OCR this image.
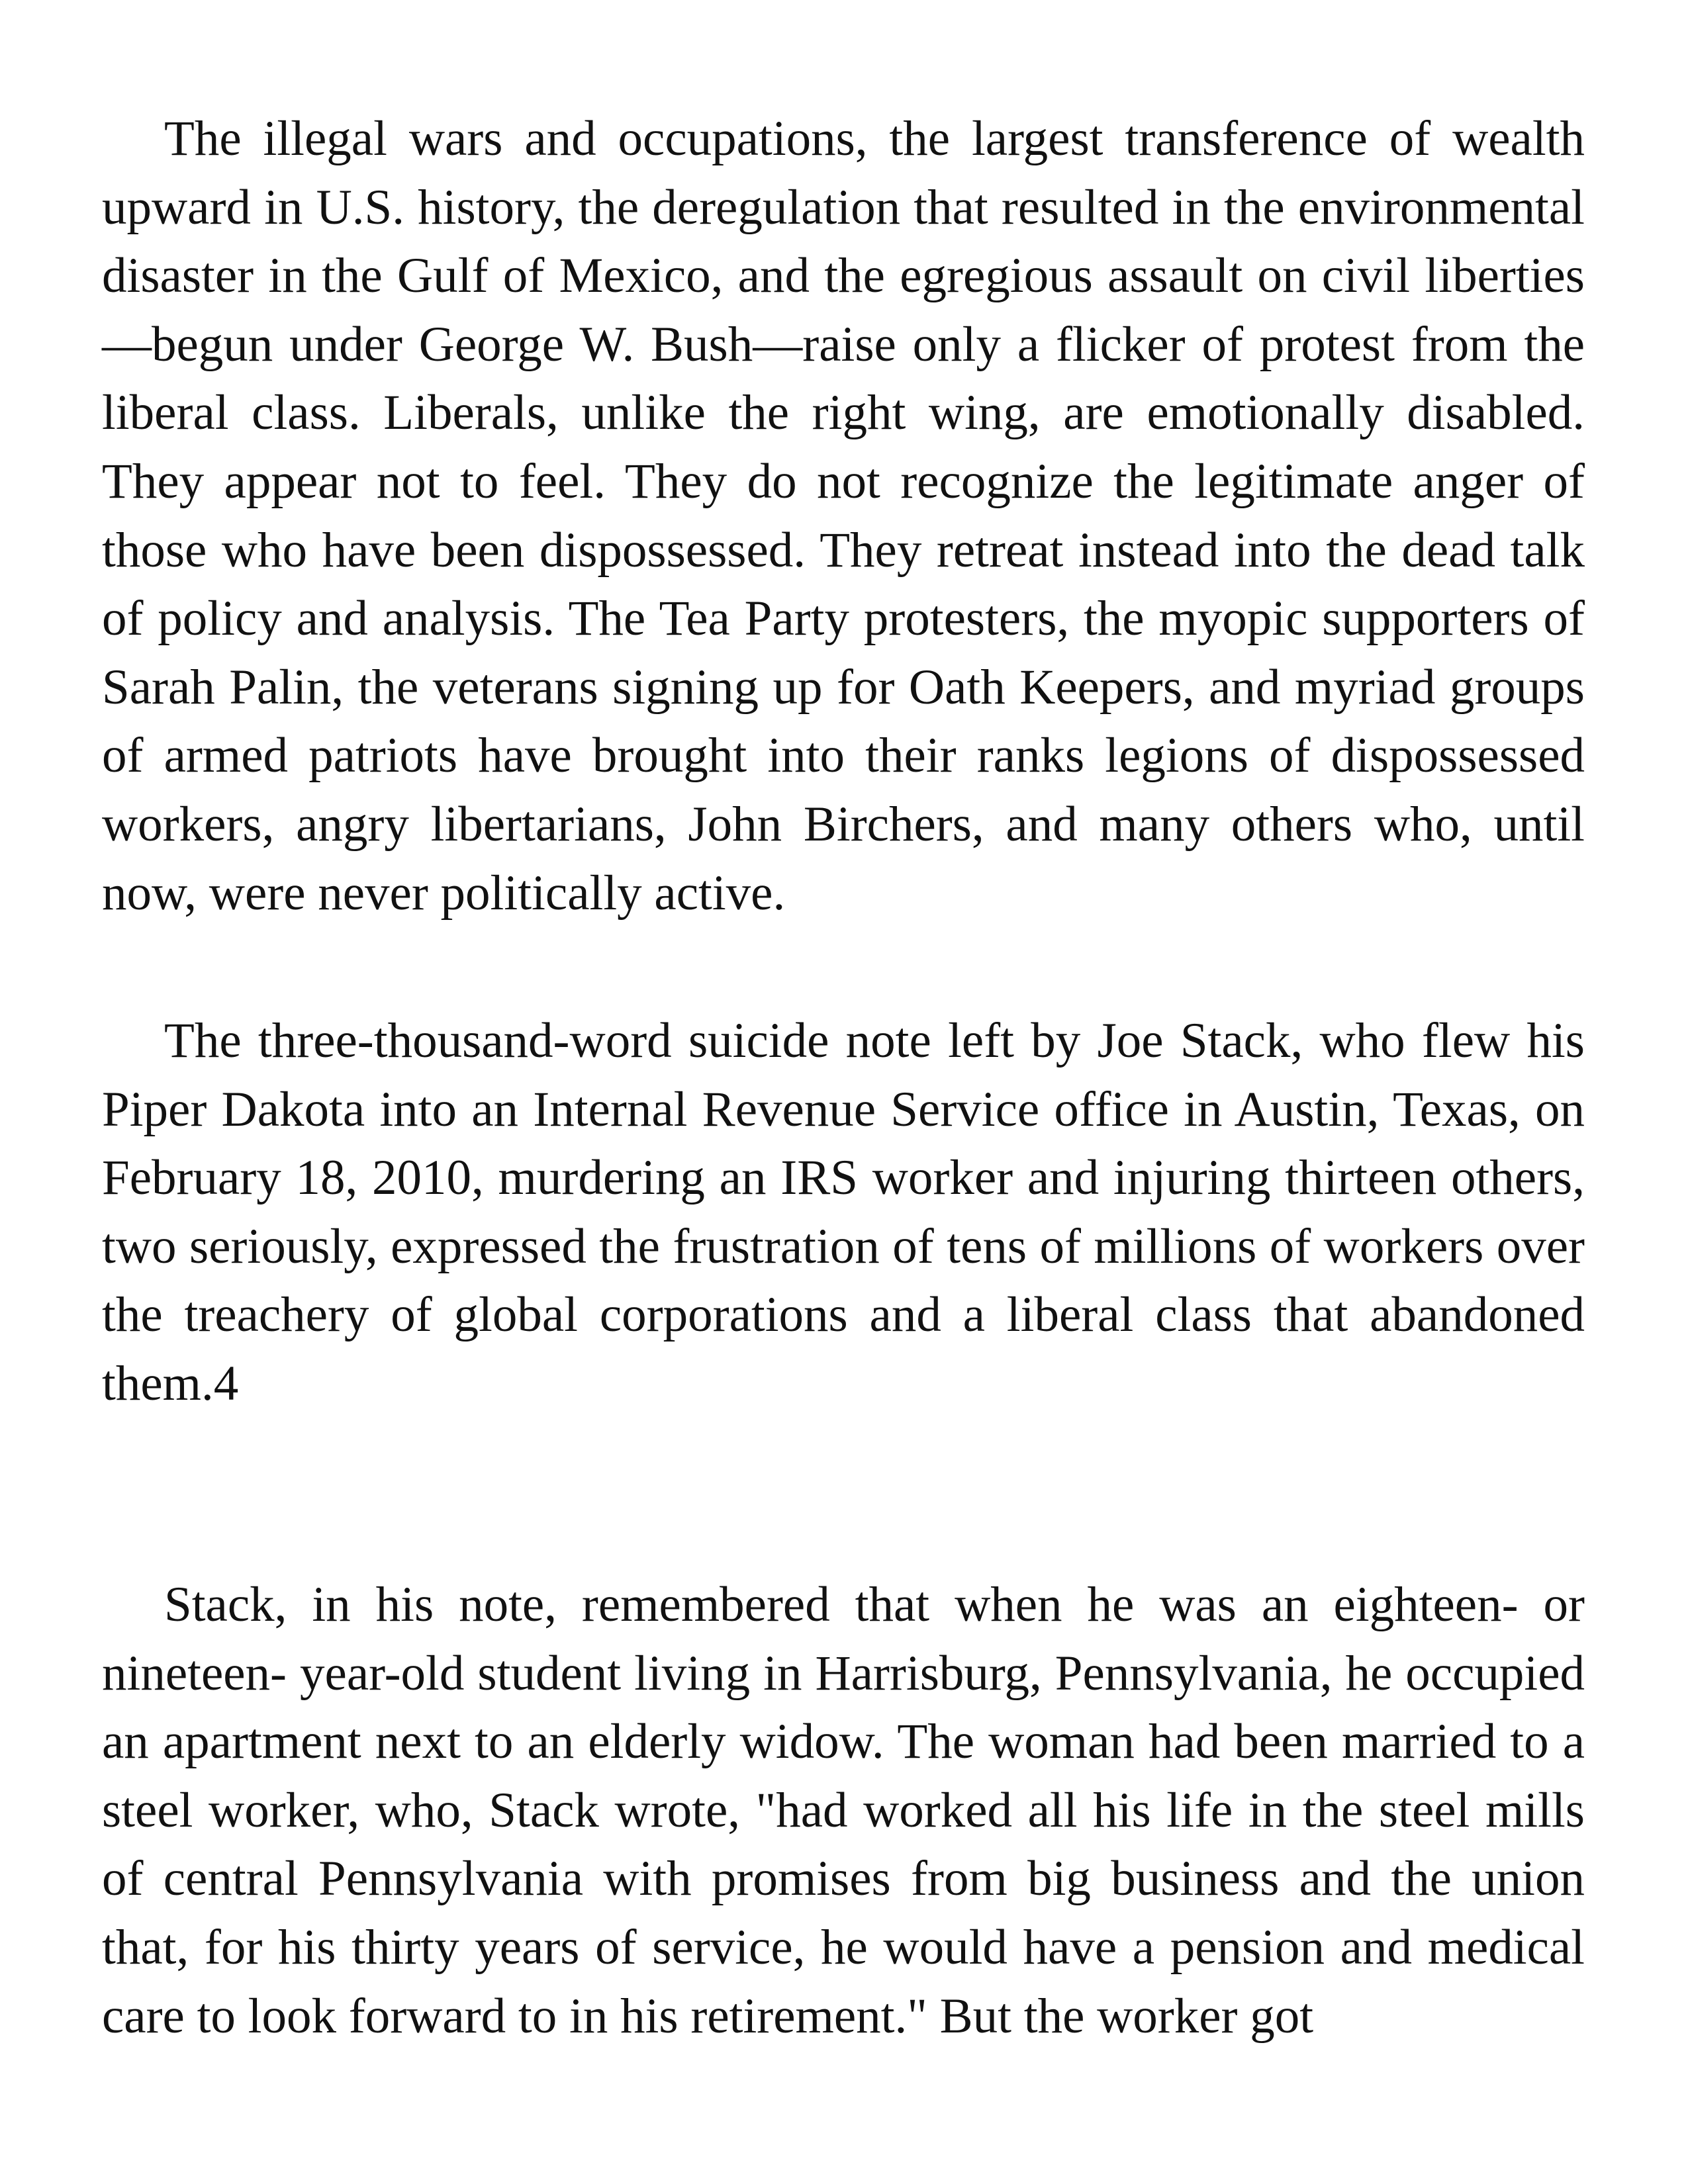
The illegal wars and occupations, the largest transference of wealth upward in U.S. history, the deregulation that resulted in the environmental disaster in the Gulf of Mexico, and the egregious assault on civil liberties—begun under George W. Bush—raise only a flicker of protest from the liberal class. Liberals, unlike the right wing, are emotionally disabled. They appear not to feel. They do not recognize the legitimate anger of those who have been dispossessed. They retreat instead into the dead talk of policy and analysis. The Tea Party protesters, the myopic supporters of Sarah Palin, the veterans signing up for Oath Keepers, and myriad groups of armed patriots have brought into their ranks legions of dispossessed workers, angry libertarians, John Birchers, and many others who, until now, were never politically active.

The three-thousand-word suicide note left by Joe Stack, who flew his Piper Dakota into an Internal Revenue Service office in Austin, Texas, on February 18, 2010, murdering an IRS worker and injuring thirteen others, two seriously, expressed the frustration of tens of millions of workers over the treachery of global corporations and a liberal class that abandoned them.4

Stack, in his note, remembered that when he was an eighteen- or nineteen- year-old student living in Harrisburg, Pennsylvania, he occupied an apartment next to an elderly widow. The woman had been married to a steel worker, who, Stack wrote, "had worked all his life in the steel mills of central Pennsylvania with promises from big business and the union that, for his thirty years of service, he would have a pension and medical care to look forward to in his retirement." But the worker got
